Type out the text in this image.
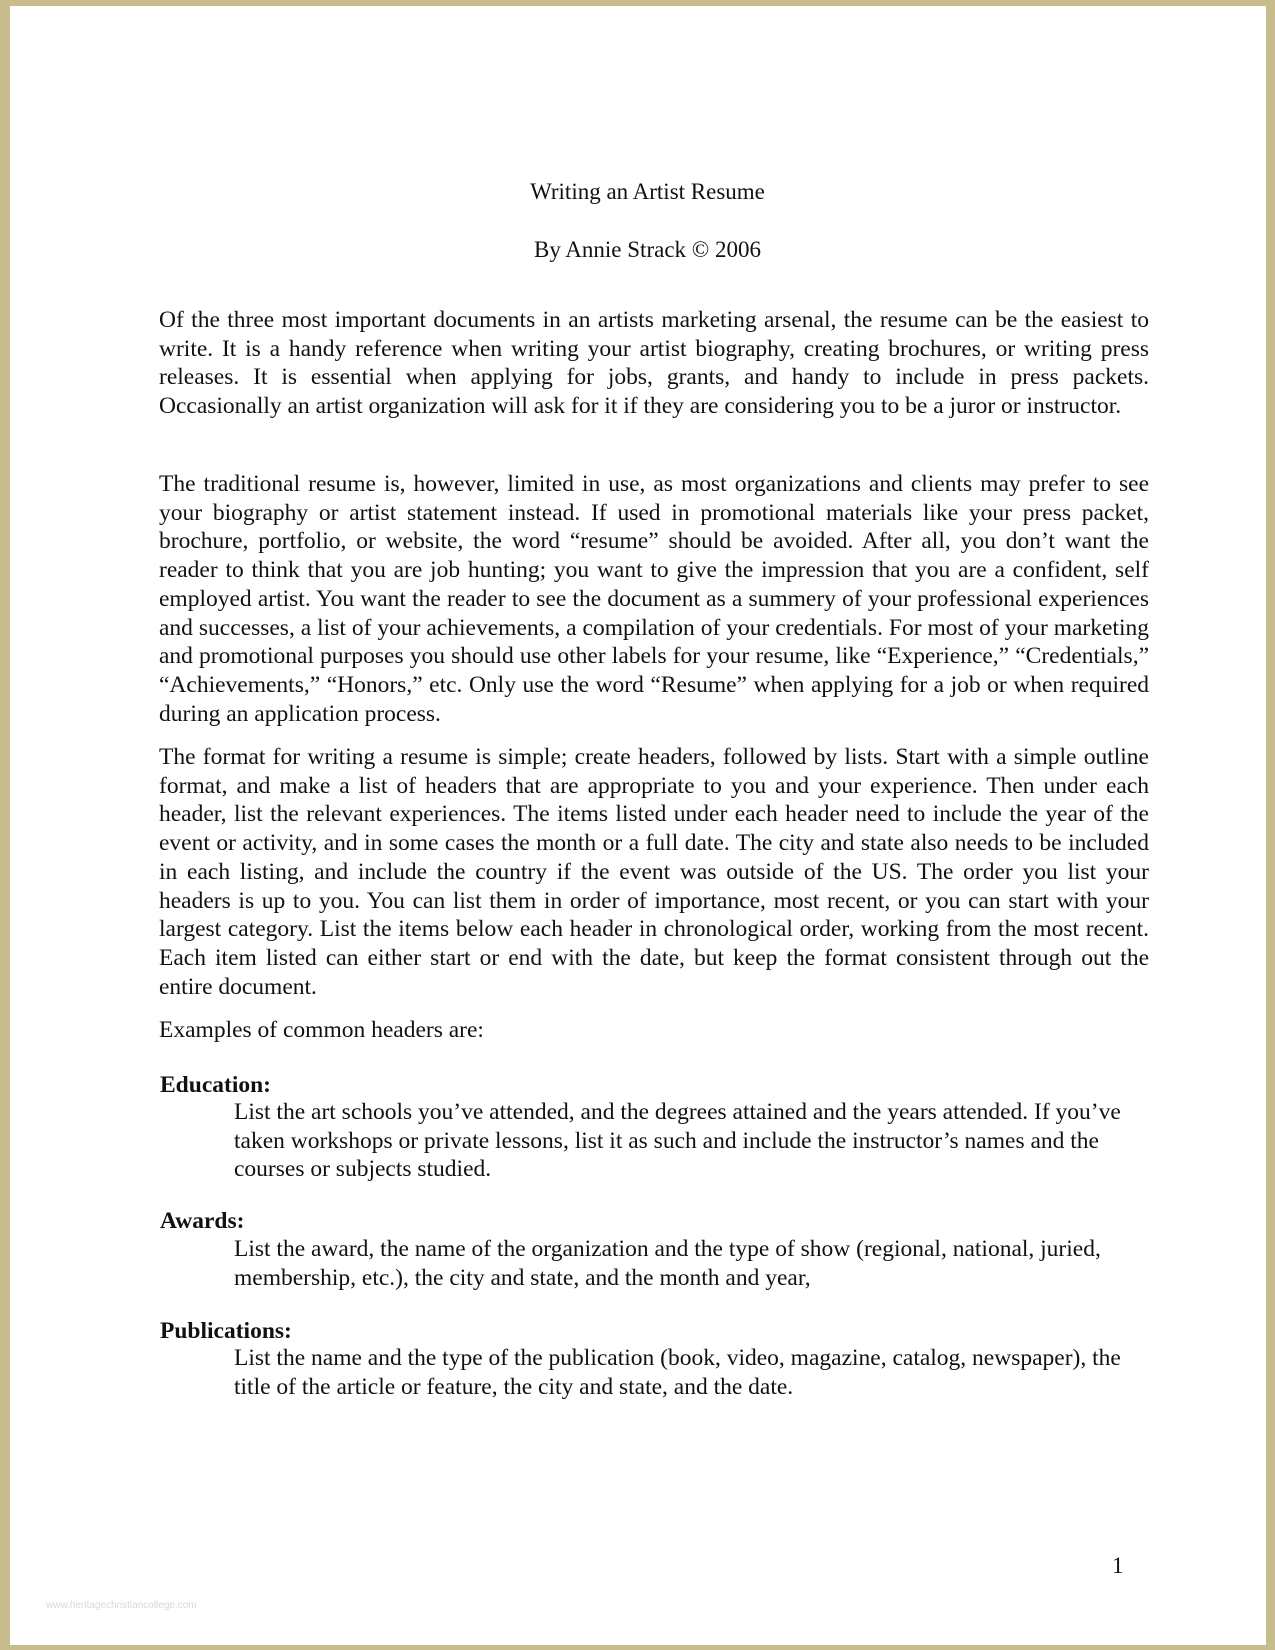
Writing an Artist Resume
By Annie Strack © 2006

Of the three most important documents in an artists marketing arsenal, the resume can be the easiest to write. It is a handy reference when writing your artist biography, creating brochures, or writing press releases. It is essential when applying for jobs, grants, and handy to include in press packets. Occasionally an artist organization will ask for it if they are considering you to be a juror or instructor.

The traditional resume is, however, limited in use, as most organizations and clients may prefer to see your biography or artist statement instead. If used in promotional materials like your press packet, brochure, portfolio, or website, the word “resume” should be avoided. After all, you don’t want the reader to think that you are job hunting; you want to give the impression that you are a confident, self employed artist. You want the reader to see the document as a summery of your professional experiences and successes, a list of your achievements, a compilation of your credentials. For most of your marketing and promotional purposes you should use other labels for your resume, like “Experience,” “Credentials,” “Achievements,” “Honors,” etc. Only use the word “Resume” when applying for a job or when required during an application process.

The format for writing a resume is simple; create headers, followed by lists. Start with a simple outline format, and make a list of headers that are appropriate to you and your experience. Then under each header, list the relevant experiences. The items listed under each header need to include the year of the event or activity, and in some cases the month or a full date. The city and state also needs to be included in each listing, and include the country if the event was outside of the US. The order you list your headers is up to you. You can list them in order of importance, most recent, or you can start with your largest category. List the items below each header in chronological order, working from the most recent. Each item listed can either start or end with the date, but keep the format consistent through out the entire document.

Examples of common headers are:

Education:

List the art schools you’ve attended, and the degrees attained and the years attended. If you’ve taken workshops or private lessons, list it as such and include the instructor’s names and the courses or subjects studied.

Awards:

List the award, the name of the organization and the type of show (regional, national, juried, membership, etc.), the city and state, and the month and year,

Publications:

List the name and the type of the publication (book, video, magazine, catalog, newspaper), the title of the article or feature, the city and state, and the date.

1
www.heritagechristiancollege.com
